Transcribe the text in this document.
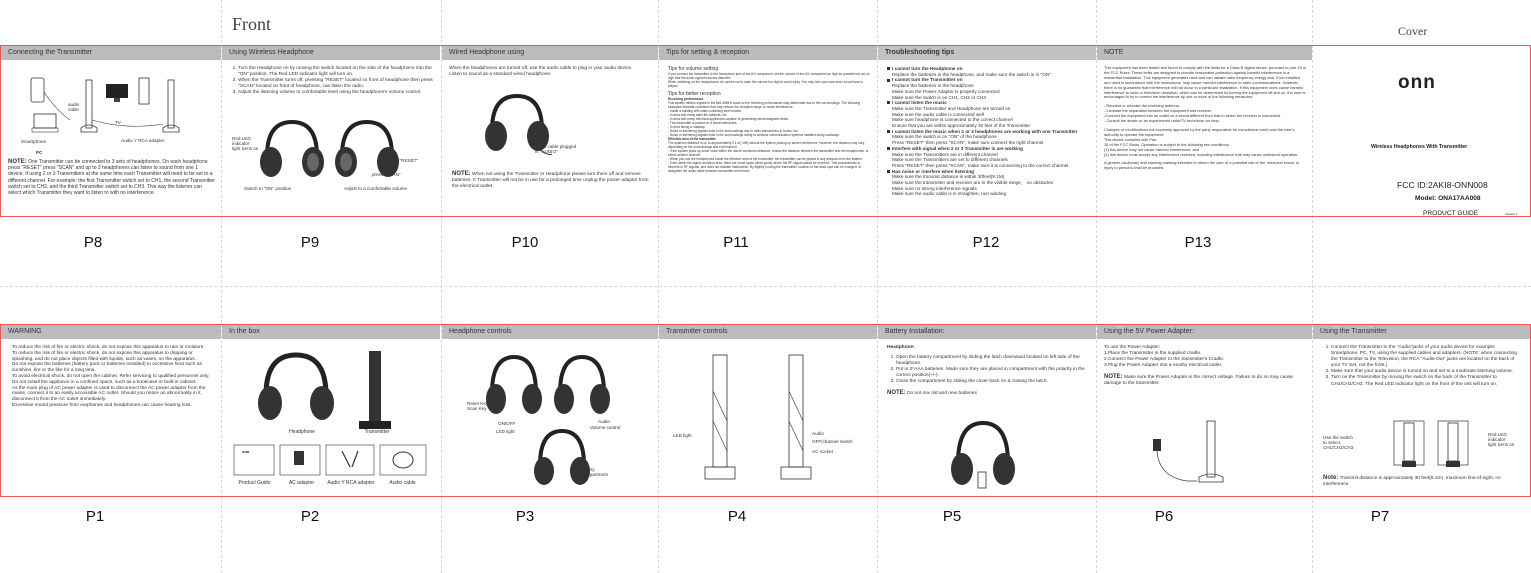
Front	Cover
Connecting the Transmitter
Smartphone
audio
cable
TV
PC
Audio Y RCA adapter
NOTE: One Transmitter can be connected to 3 sets of headphones. On each headphone press "RESET" press "SCAN" and up to 3 headphones can listen to sound from one 1 device. If using 2 or 3 Transmitters at the same time each Transmitter will need to be set to a different channel. For example: the first Transmitter switch set to CH1, the second Transmitter switch set to CH2, and the third Transmitter switch set to CH3. This way the listener can select which Transmitter they want to listen to with no interference.
P8
Using Wireless Headphone
1. Turn the Headphone on by moving the switch located on the side of the headphone into the "ON" position. The Red LED indicator light will turn on.
2. When the Transmitter turns off, pressing "RESET" located on front of headphone then press "SCAN" located on front of headphone, can listen the radio.
3. Adjust the listening volume to comfortable level using the headphone's volume control.
Red LED
indicator
light turns on
press "RESET"
press "SCAN"
Switch to "ON" position	Adjust to a comfortable volume
P9
Wired Headphone using
When the headphones are turned off, use the audio cable to plug in your audio device.
Listen to sound as a standard wired headphone.
audio cable plugged
in "AUDIO"
NOTE: When not using the Transmitter or Headphone please turn them off and remove batteries. If Transmitter will not be in use for a prolonged time unplug the power adapter from the electrical outlet.
P10
Tips for setting & reception
Tips for volume setting
If you connect the transmitter to the headphone jack of the A/V component, set the volume of the A/V component as high as possible but not so high that the audio signal becomes distorted.
When switching on the headphones, be careful not to raise the volume too high to avoid injury. You may hurt your ears when a loud tone is played.
Tips for better reception
Receiving performance
This system utilizes signals in the 864.45MHz band so the receiving performance may deteriorate due to the surroundings. The following examples illustrate conditions that may reduce the reception range or cause interference.
- Inside a building with walls containing steel beams.
- In area with many steel file cabinets, etc.
- In area with many electrical appliances capable of generating electromagnetic fields.
- The transmitter is placed on a metal instrument.
- In area facing a roadway.
- Noise or interfering signals exist in the surroundings due to radio transceivers in trucks, etc.
- Noise or interfering signals exist in the surroundings owing to wireless communication systems installed along roadways.
Effective area of the transmitter
The optimum distance is up to approximately 9.1 m( 30ft) without the system picking up some interference. However, the distance may vary depending on the surroundings and environment.
- If the system picks up some noise within the above mentioned distance, reduce the distance between the transmitter and the headphones, or select another channel.
- When you use the headphones inside the effective area of the transmitter, the transmitter can be placed in any direction from the listener.
- Even within the signal reception area, there are some spots (dead spots) where the RF signal cannot be received. This characteristic is inherent to RF signals, and does not indicate malfunction. By slightly moving the transmitter, location of the dead spot can be changed, or straighten the audio cable between transmitter and device.
P11
Troubleshooting tips
I cannot turn the Headphone on
Replace the batteries in the headphone, and make sure the switch is in "ON"
I cannot turn the Transmitter on
Replace the batteries in the headphone
Make sure the Power Adapter is properly connected
Make sure the switch is on CH1, CH2 or CH3
I cannot listen the music
Make sure the Transmitter and Headphone are turned on
Make sure the audio cable is connected well
Make sure headphone is connected to the correct channel
Ensure that you are within approximately 30 feet of the Transmitter
I cannot listen the music when 2 or 3 headphones are working with one Transmitter
Make sure the switch is on "ON" of the headphone
Press "RESET" then press "SCAN", make sure connect the right channel
Interfere with signal when 2 or 3 Transmitter is are working
Make sure the Transmitters are in different channel
Make sure the Transmitters are set to different channels
Press "RESET" then press "SCAN", make sure it is connecting to the correct channel
Has noise or interfere when listening
Make sure the transmit distance is within 30feet(9.1M)
Make sure the transmitter and receiver are in the visible range， no obstacles
Make sure no strong interference signals
Make sure the audio cable is in straighten, non winding
P12
NOTE
This equipment has been tested and found to comply with the limits for a Class B digital device, pursuant to part 15 of the FCC Rules. These limits are designed to provide reasonable protection against harmful interference in a residential installation. This equipment generates uses and can radiate radio frequency energy and, if not installed and used in accordance with the instructions, may cause harmful interference to radio communications. However, there is no guarantee that interference will not occur in a particular installation. If this equipment does cause harmful interference to radio or television reception, which can be determined by turning the equipment off and on, the user is encouraged to try to correct the interference by one or more of the following measures:
- Reorient or relocate the receiving antenna.
- Increase the separation between the equipment and receiver.
-Connect the equipment into an outlet on a circuit different from that to which the receiver is connected.
- Consult the dealer or an experienced radio/TV technician for help.
Changes or modifications not expressly approved by the party responsible for compliance could void the user's authority to operate the equipment.
This device complies with Part
15 of the FCC Rules. Operation is subject to the following two conditions:
(1) this device may not cause harmful interference, and
(2) this device must accept any interference received, including interference that may cause undesired operation.
A generic cautionary and warning marking intended to inform the user of a potential risk of fire, electrical shock, or injury to persons shall be provided.
P13
onn
Wireless Headphones With Transmitter
FCC ID:2AKI8-ONN008
Model: ONA17AA008
PRODUCT GUIDE	Version 1
WARNING
To reduce the risk of fire or electric shock, do not expose this apparatus to rain or moisture.
To reduce the risk of fire or electric shock, do not expose this apparatus to dripping or splashing, and do not place objects filled with liquids, such as vases, on the apparatus.
Do not expose the batteries (battery pack or batteries installed) to excessive heat such as sunshine, fire or the like for a long time.
To avoid electrical shock, do not open the cabinet. Refer servicing to qualified personnel only.
Do not install the appliance in a confined space, such as a bookcase or built-in cabinet.
As the main plug of AC power adapter is used to disconnect the AC power adapter from the mains, connect it to an easily accessible AC outlet. Should you notice an abnormality in it, disconnect it from the AC outlet immediately.
Excessive sound pressure from earphones and headphones can cause hearing loss.
P1
In the box
Headphone	Transmitter
onn
Product Guide	AC adapter	Audio Y RCA adapter	Audio cable
P2
Headphone controls
Reset Key
Scan Key
ON/OFF
LED light
Audio
Volume control
Battery
Compartment
P3
Transmitter controls
LED light	Audio
OFF/channel switch
AC socket
P4
Battery Installation:
Headphone:
1. Open the battery compartment by sliding the latch downward located on left side of the headphone.
2. Put in 2*AAA batteries. Made sure they are placed in compartment with the polarity in the correct position(+/-).
3. Close the compartment by sliding the cover back on & closing the latch.
NOTE: Do not mix old and new batteries
P5
Using the 5V Power Adapter:
To use the Power Adapter:
1.Place the Transmitter in the supplied cradle.
2.Connect the Power Adapter to the transmitter's Cradle.
3.Plug the Power Adapter into a nearby electrical outlet.
NOTE: Make sure the Power Adapter is the correct voltage. Failure to do so may cause damage to the transmitter.
P6
Using the Transmitter
1. Connect the Transmitter to the "Audio"jacks of your audio device for example: Smartphone, PC, TV, using the supplied cables and adapters. (NOTE: when connecting the Transmitter to the Television, the RCA "Audio-Out" jacks are located on the back of your TV Set, not the front.)
2. Make sure that your audio device is turned on and set to a moderate listening volume.
3. Turn on the Transmitter by moving the switch on the back of the Transmitter to CH1/CH2/CH3. The Red LED indicator light on the front of the unit will turn on.
Use the switch
to select
CH1/CH2/CH3
Red LED
indicator
light turns on
Note: Transmit distance is approximately 30 feet(9.1m). maximum line-of-sight, no interference
P7
